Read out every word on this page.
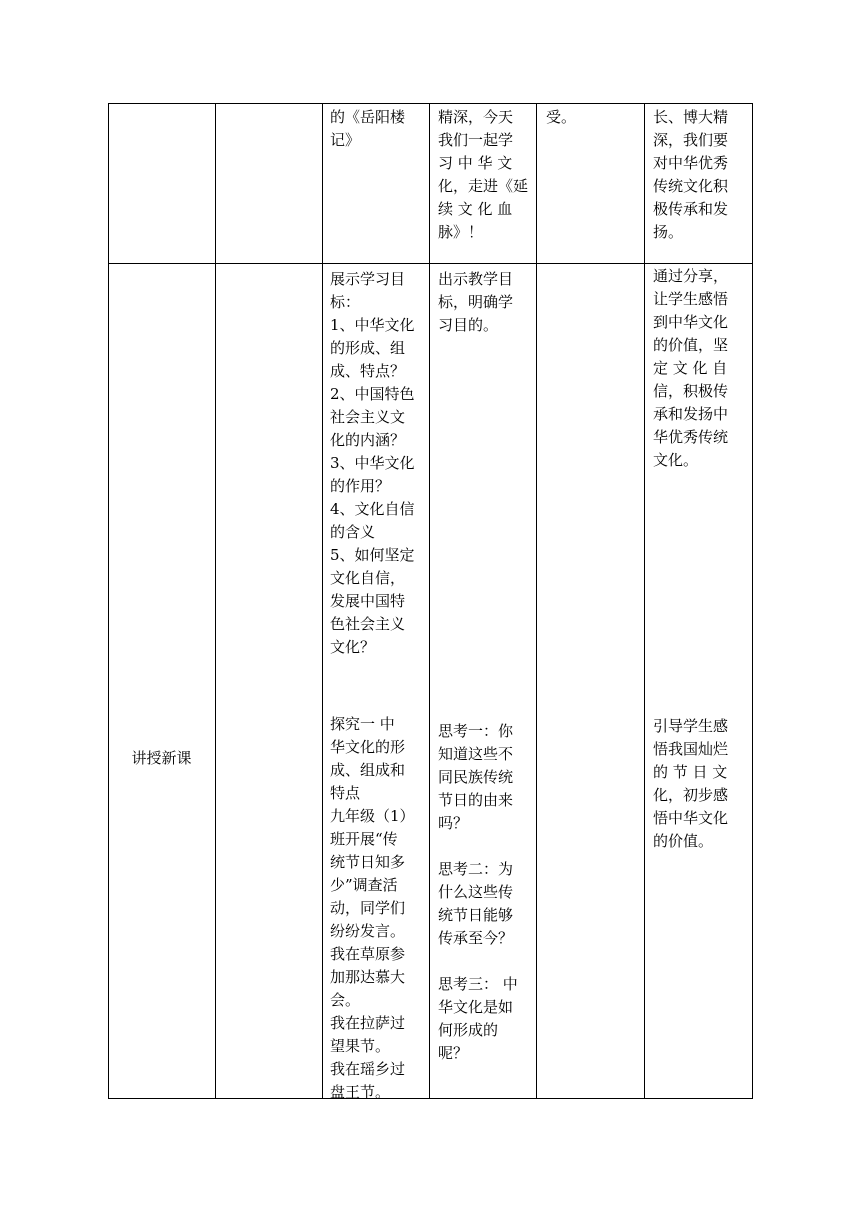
的《岳阳楼

记》

精深，今天

我们一起学

习 中 华 文

化，走进《延

续 文 化 血

脉》！

受。	长、博大精

深，我们要

对中华优秀

传统文化积

极传承和发

扬。

讲授新课

展示学习目

标：

1、中华文化

的形成、组

成、特点？

2、中国特色

社会主义文

化的内涵？

3、中华文化

的作用？

4、文化自信

的含义

5、如何坚定

文化自信，

发展中国特

色社会主义

文化？

探究一 中

华文化的形

成、组成和

特点

九年级（1）

班开展“传

统节日知多

少”调查活

动，同学们

纷纷发言。

我在草原参

加那达慕大

会。

我在拉萨过

望果节。

我在瑶乡过

盘王节。

出示教学目

标，明确学

习目的。

思考一：你

知道这些不

同民族传统

节日的由来

吗？

思考二：为

什么这些传

统节日能够

传承至今？

思考三： 中

华文化是如

何形成的

呢？

通过分享，

让学生感悟

到中华文化

的价值，坚

定 文 化 自

信，积极传

承和发扬中

华优秀传统

文化。

引导学生感

悟我国灿烂

的 节 日 文

化，初步感

悟中华文化

的价值。
